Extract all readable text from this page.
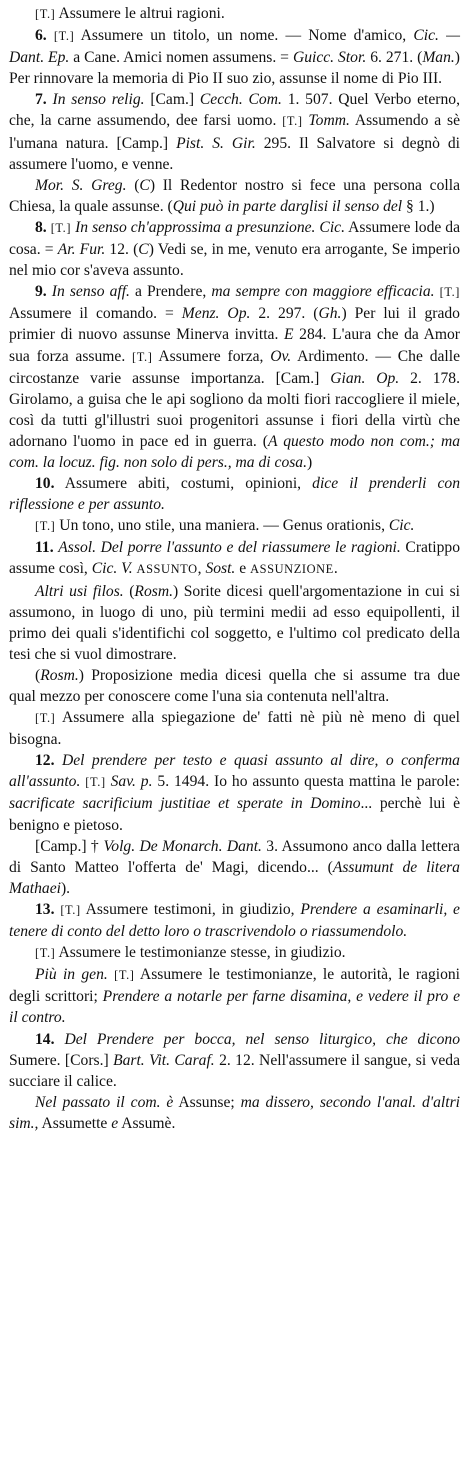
[T.] Assumere le altrui ragioni.

6. [T.] Assumere un titolo, un nome. — Nome d'amico, Cic. — Dant. Ep. a Cane. Amici nomen assumens. = Guicc. Stor. 6. 271. (Man.) Per rinnovare la memoria di Pio II suo zio, assunse il nome di Pio III.

7. In senso relig. [Cam.] Cecch. Com. 1. 507. Quel Verbo eterno, che, la carne assumendo, dee farsi uomo. [T.] Tomm. Assumendo a sè l'umana natura. [Camp.] Pist. S. Gir. 295. Il Salvatore si degnò di assumere l'uomo, e venne.

Mor. S. Greg. (C) Il Redentor nostro si fece una persona colla Chiesa, la quale assunse. (Qui può in parte darglisi il senso del § 1.)

8. [T.] In senso ch'approssima a presunzione. Cic. Assumere lode da cosa. = Ar. Fur. 12. (C) Vedi se, in me, venuto era arrogante, Se imperio nel mio cor s'aveva assunto.

9. In senso aff. a Prendere, ma sempre con maggiore efficacia. [T.] Assumere il comando. = Menz. Op. 2. 297. (Gh.) Per lui il grado primier di nuovo assunse Minerva invitta. E 284. L'aura che da Amor sua forza assume. [T.] Assumere forza, Ov. Ardimento. — Che dalle circostanze varie assunse importanza. [Cam.] Gian. Op. 2. 178. Girolamo, a guisa che le api sogliono da molti fiori raccogliere il miele, così da tutti gl'illustri suoi progenitori assunse i fiori della virtù che adornano l'uomo in pace ed in guerra. (A questo modo non com.; ma com. la locuz. fig. non solo di pers., ma di cosa.)

10. Assumere abiti, costumi, opinioni, dice il prenderli con riflessione e per assunto.

[T.] Un tono, uno stile, una maniera. — Genus orationis, Cic.

11. Assol. Del porre l'assunto e del riassumere le ragioni. Cratippo assume così, Cic. V. ASSUNTO, Sost. e ASSUNZIONE.

Altri usi filos. (Rosm.) Sorite dicesi quell'argomentazione in cui si assumono, in luogo di uno, più termini medii ad esso equipollenti, il primo dei quali s'identifichi col soggetto, e l'ultimo col predicato della tesi che si vuol dimostrare.

(Rosm.) Proposizione media dicesi quella che si assume tra due qual mezzo per conoscere come l'una sia contenuta nell'altra.

[T.] Assumere alla spiegazione de' fatti nè più nè meno di quel bisogna.

12. Del prendere per testo e quasi assunto al dire, o conferma all'assunto. [T.] Sav. p. 5. 1494. Io ho assunto questa mattina le parole: sacrificate sacrificium justitiae et sperate in Domino... perchè lui è benigno e pietoso.

[Camp.] † Volg. De Monarch. Dant. 3. Assumono anco dalla lettera di Santo Matteo l'offerta de' Magi, dicendo... (Assumunt de litera Mathaei).

13. [T.] Assumere testimoni, in giudizio, Prendere a esaminarli, e tenere di conto del detto loro o trascrivendolo o riassumendolo.

[T.] Assumere le testimonianze stesse, in giudizio.

Più in gen. [T.] Assumere le testimonianze, le autorità, le ragioni degli scrittori; Prendere a notarle per farne disamina, e vedere il pro e il contro.

14. Del Prendere per bocca, nel senso liturgico, che dicono Sumere. [Cors.] Bart. Vit. Caraf. 2. 12. Nell'assumere il sangue, si veda succiare il calice.

Nel passato il com. è Assunse; ma dissero, secondo l'anal. d'altri sim., Assumette e Assumè.
